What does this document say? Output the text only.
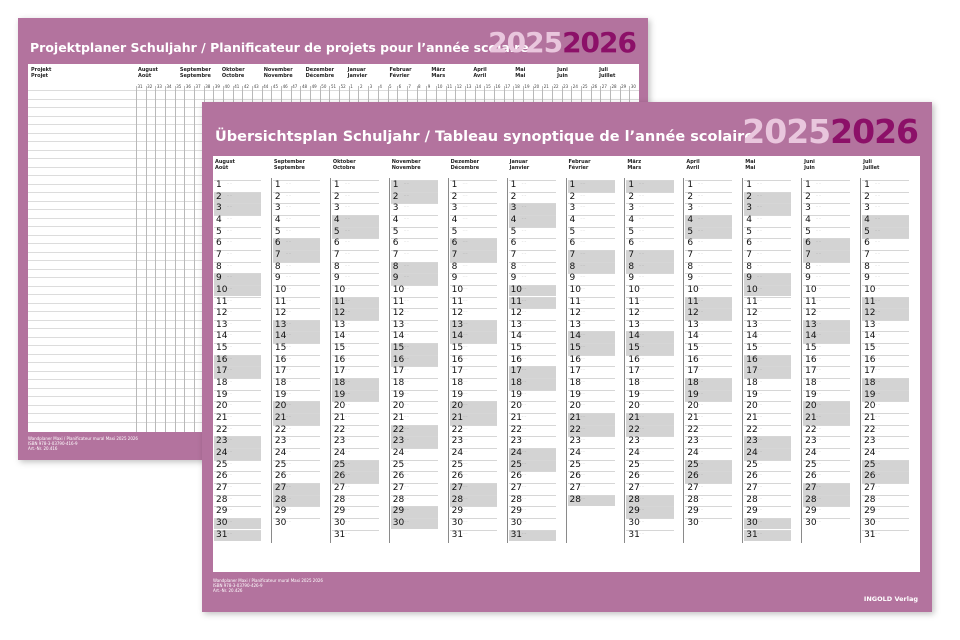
Projektplaner Schuljahr / Planificateur de projets pour l’année scolaire
20252026
Projekt
Projet
31 32 33 34 35 36 37 38 39 40 41 42 43 44 45 46 47 48 49 50 51 52 1 2 3 4 5 6 7 8 9 10 11 12 13 14 15 16 17 18 19 20 21 22 23 24 25 26 27 28 29 30
August
Août
September
Septembre
Oktober
Octobre
November
Novembre
Dezember
Décembre
Januar
Janvier
Februar
Février
März
Mars
April
Avril
Mai
Mai
Juni
Juin
Juli
Juillet
Wandplaner Maxi / Planificateur mural Maxi 2025 2026
ISBN 978-3-03790-416-9
Art.-Nr. 20.416
Übersichtsplan Schuljahr / Tableau synoptique de l’année scolaire
20252026
August
Août
1 ·· ··
2 ·· ··
3 ·· ··
4 ·· ··
5 ·· ··
6 ·· ··
7 ·· ··
8 ·· ··
9 ·· ··
10 ·· ··
11 ·· ··
12 ·· ··
13 ·· ··
14 ·· ··
15 ·· ··
16 ·· ··
17 ·· ··
18 ·· ··
19 ·· ··
20 ·· ··
21 ·· ··
22 ·· ··
23 ·· ··
24 ·· ··
25 ·· ··
26 ·· ··
27 ·· ··
28 ·· ··
29 ·· ··
30 ·· ··
31 ·· ··
September
Septembre
1 ·· ··
2 ·· ··
3 ·· ··
4 ·· ··
5 ·· ··
6 ·· ··
7 ·· ··
8 ·· ··
9 ·· ··
10 ·· ··
11 ·· ··
12 ·· ··
13 ·· ··
14 ·· ··
15 ·· ··
16 ·· ··
17 ·· ··
18 ·· ··
19 ·· ··
20 ·· ··
21 ·· ··
22 ·· ··
23 ·· ··
24 ·· ··
25 ·· ··
26 ·· ··
27 ·· ··
28 ·· ··
29 ·· ··
30 ·· ··
Oktober
Octobre
1 ·· ··
2 ·· ··
3 ·· ··
4 ·· ··
5 ·· ··
6 ·· ··
7 ·· ··
8 ·· ··
9 ·· ··
10 ·· ··
11 ·· ··
12 ·· ··
13 ·· ··
14 ·· ··
15 ·· ··
16 ·· ··
17 ·· ··
18 ·· ··
19 ·· ··
20 ·· ··
21 ·· ··
22 ·· ··
23 ·· ··
24 ·· ··
25 ·· ··
26 ·· ··
27 ·· ··
28 ·· ··
29 ·· ··
30 ·· ··
31 ·· ··
November
Novembre
1 ·· ··
2 ·· ··
3 ·· ··
4 ·· ··
5 ·· ··
6 ·· ··
7 ·· ··
8 ·· ··
9 ·· ··
10 ·· ··
11 ·· ··
12 ·· ··
13 ·· ··
14 ·· ··
15 ·· ··
16 ·· ··
17 ·· ··
18 ·· ··
19 ·· ··
20 ·· ··
21 ·· ··
22 ·· ··
23 ·· ··
24 ·· ··
25 ·· ··
26 ·· ··
27 ·· ··
28 ·· ··
29 ·· ··
30 ·· ··
Dezember
Décembre
1 ·· ··
2 ·· ··
3 ·· ··
4 ·· ··
5 ·· ··
6 ·· ··
7 ·· ··
8 ·· ··
9 ·· ··
10 ·· ··
11 ·· ··
12 ·· ··
13 ·· ··
14 ·· ··
15 ·· ··
16 ·· ··
17 ·· ··
18 ·· ··
19 ·· ··
20 ·· ··
21 ·· ··
22 ·· ··
23 ·· ··
24 ·· ··
25 ·· ··
26 ·· ··
27 ·· ··
28 ·· ··
29 ·· ··
30 ·· ··
31 ·· ··
Januar
Janvier
1 ·· ··
2 ·· ··
3 ·· ··
4 ·· ··
5 ·· ··
6 ·· ··
7 ·· ··
8 ·· ··
9 ·· ··
10 ·· ··
11 ·· ··
12 ·· ··
13 ·· ··
14 ·· ··
15 ·· ··
16 ·· ··
17 ·· ··
18 ·· ··
19 ·· ··
20 ·· ··
21 ·· ··
22 ·· ··
23 ·· ··
24 ·· ··
25 ·· ··
26 ·· ··
27 ·· ··
28 ·· ··
29 ·· ··
30 ·· ··
31 ·· ··
Februar
Février
1 ·· ··
2 ·· ··
3 ·· ··
4 ·· ··
5 ·· ··
6 ·· ··
7 ·· ··
8 ·· ··
9 ·· ··
10 ·· ··
11 ·· ··
12 ·· ··
13 ·· ··
14 ·· ··
15 ·· ··
16 ·· ··
17 ·· ··
18 ·· ··
19 ·· ··
20 ·· ··
21 ·· ··
22 ·· ··
23 ·· ··
24 ·· ··
25 ·· ··
26 ·· ··
27 ·· ··
28 ·· ··
März
Mars
1 ·· ··
2 ·· ··
3 ·· ··
4 ·· ··
5 ·· ··
6 ·· ··
7 ·· ··
8 ·· ··
9 ·· ··
10 ·· ··
11 ·· ··
12 ·· ··
13 ·· ··
14 ·· ··
15 ·· ··
16 ·· ··
17 ·· ··
18 ·· ··
19 ·· ··
20 ·· ··
21 ·· ··
22 ·· ··
23 ·· ··
24 ·· ··
25 ·· ··
26 ·· ··
27 ·· ··
28 ·· ··
29 ·· ··
30 ·· ··
31 ·· ··
April
Avril
1 ·· ··
2 ·· ··
3 ·· ··
4 ·· ··
5 ·· ··
6 ·· ··
7 ·· ··
8 ·· ··
9 ·· ··
10 ·· ··
11 ·· ··
12 ·· ··
13 ·· ··
14 ·· ··
15 ·· ··
16 ·· ··
17 ·· ··
18 ·· ··
19 ·· ··
20 ·· ··
21 ·· ··
22 ·· ··
23 ·· ··
24 ·· ··
25 ·· ··
26 ·· ··
27 ·· ··
28 ·· ··
29 ·· ··
30 ·· ··
Mai
Mai
1 ·· ··
2 ·· ··
3 ·· ··
4 ·· ··
5 ·· ··
6 ·· ··
7 ·· ··
8 ·· ··
9 ·· ··
10 ·· ··
11 ·· ··
12 ·· ··
13 ·· ··
14 ·· ··
15 ·· ··
16 ·· ··
17 ·· ··
18 ·· ··
19 ·· ··
20 ·· ··
21 ·· ··
22 ·· ··
23 ·· ··
24 ·· ··
25 ·· ··
26 ·· ··
27 ·· ··
28 ·· ··
29 ·· ··
30 ·· ··
31 ·· ··
Juni
Juin
1 ·· ··
2 ·· ··
3 ·· ··
4 ·· ··
5 ·· ··
6 ·· ··
7 ·· ··
8 ·· ··
9 ·· ··
10 ·· ··
11 ·· ··
12 ·· ··
13 ·· ··
14 ·· ··
15 ·· ··
16 ·· ··
17 ·· ··
18 ·· ··
19 ·· ··
20 ·· ··
21 ·· ··
22 ·· ··
23 ·· ··
24 ·· ··
25 ·· ··
26 ·· ··
27 ·· ··
28 ·· ··
29 ·· ··
30 ·· ··
Juli
Juillet
1 ·· ··
2 ·· ··
3 ·· ··
4 ·· ··
5 ·· ··
6 ·· ··
7 ·· ··
8 ·· ··
9 ·· ··
10 ·· ··
11 ·· ··
12 ·· ··
13 ·· ··
14 ·· ··
15 ·· ··
16 ·· ··
17 ·· ··
18 ·· ··
19 ·· ··
20 ·· ··
21 ·· ··
22 ·· ··
23 ·· ··
24 ·· ··
25 ·· ··
26 ·· ··
27 ·· ··
28 ·· ··
29 ·· ··
30 ·· ··
31 ·· ··
Wandplaner Maxi / Planificateur mural Maxi 2025 2026
ISBN 978-3-03790-426-9
Art.-Nr. 20.426
INGOLD Verlag
